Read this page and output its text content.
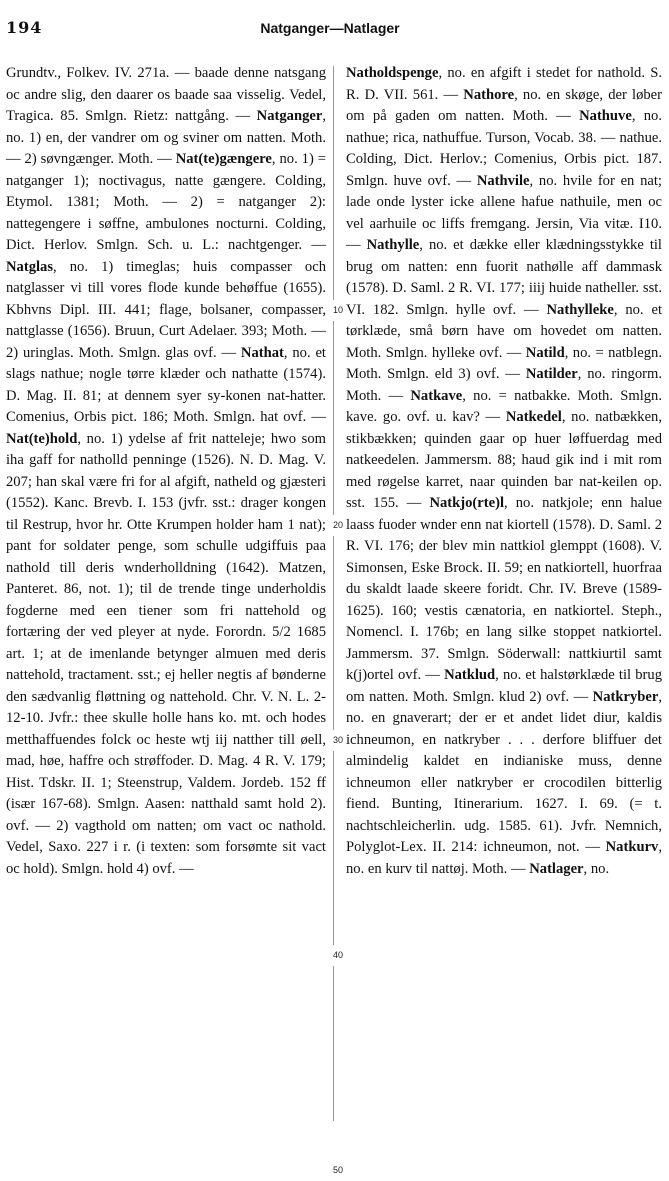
194	Natganger—Natlager

Grundtv., Folkev. IV. 271a. — baade denne natsgang oc andre slig, den daarer os baade saa visselig. Vedel, Tragica. 85. Smlgn. Rietz: nattgång. — Natganger, no. 1) en, der vandrer om og sviner om natten. Moth. — 2) søvngænger. Moth. — Nat(te)gængere, no. 1) = natganger 1); noctivagus, natte gængere. Colding, Etymol. 1381; Moth. — 2) = natganger 2): nattegengere i søffne, ambulones nocturni. Colding, Dict. Herlov. Smlgn. Sch. u. L.: nachtgenger. — Natglas, no. 1) timeglas; huis compasser och natglasser vi till vores flode kunde behøffue (1655). Kbhvns Dipl. III. 441; flage, bolsaner, compasser, nattglasse (1656). Bruun, Curt Adelaer. 393; Moth. — 2) uringlas. Moth. Smlgn. glas ovf. — Nathat, no. et slags nathue; nogle tørre klæder och nathatte (1574). D. Mag. II. 81; at dennem syer sy-konen nat-hatter. Comenius, Orbis pict. 186; Moth. Smlgn. hat ovf. — Nat(te)hold, no. 1) ydelse af frit natteleje; hwo som iha gaff for natholld penninge (1526). N. D. Mag. V. 207; han skal være fri for al afgift, natheld og gjæsteri (1552). Kanc. Brevb. I. 153 (jvfr. sst.: drager kongen til Restrup, hvor hr. Otte Krumpen holder ham 1 nat); pant for soldater penge, som schulle udgiffuis paa nathold till deris wnderholldning (1642). Matzen, Panteret. 86, not. 1); til de trende tinge underholdis fogderne med een tiener som fri nattehold og fortæring der ved pleyer at nyde. Forordn. 5/2 1685 art. 1; at de imenlande betynger almuen med deris nattehold, tractament. sst.; ej heller negtis af bønderne den sædvanlig fløttning og nattehold. Chr. V. N. L. 2-12-10. Jvfr.: thee skulle holle hans ko. mt. och hodes metthaffuendes folck oc heste wtj iij natther till øell, mad, høe, haffre och strøffoder. D. Mag. 4 R. V. 179; Hist. Tdskr. II. 1; Steenstrup, Valdem. Jordeb. 152 ff (især 167-68). Smlgn. Aasen: natthald samt hold 2). ovf. — 2) vagthold om natten; om vact oc nathold. Vedel, Saxo. 227 i r. (i texten: som forsømte sit vact oc hold). Smlgn. hold 4) ovf. —

10
20
30
40
50

Natholdspenge, no. en afgift i stedet for nathold. S. R. D. VII. 561. — Nathore, no. en skøge, der løber om på gaden om natten. Moth. — Nathuve, no. nathue; rica, nathuffue. Turson, Vocab. 38. — nathue. Colding, Dict. Herlov.; Comenius, Orbis pict. 187. Smlgn. huve ovf. — Nathvile, no. hvile for en nat; lade onde lyster icke allene hafue nathuile, men oc vel aarhuile oc liffs fremgang. Jersin, Via vitæ. I10. — Nathylle, no. et dække eller klædningsstykke til brug om natten: enn fuorit nathølle aff dammask (1578). D. Saml. 2 R. VI. 177; iiij huide natheller. sst. VI. 182. Smlgn. hylle ovf. — Nathylleke, no. et tørklæde, små børn have om hovedet om natten. Moth. Smlgn. hylleke ovf. — Natild, no. = natblegn. Moth. Smlgn. eld 3) ovf. — Natilder, no. ringorm. Moth. — Natkave, no. = natbakke. Moth. Smlgn. kave. go. ovf. u. kav? — Natkedel, no. natbækken, stikbækken; quinden gaar op huer løffuerdag med natkeedelen. Jammersm. 88; haud gik ind i mit rom med røgelse karret, naar quinden bar nat-keilen op. sst. 155. — Natkjo(rte)l, no. natkjole; enn halue laass fuoder wnder enn nat kiortell (1578). D. Saml. 2 R. VI. 176; der blev min nattkiol glemppt (1608). V. Simonsen, Eske Brock. II. 59; en natkiortell, huorfraa du skaldt laade skeere foridt. Chr. IV. Breve (1589-1625). 160; vestis cænatoria, en natkiortel. Steph., Nomencl. I. 176b; en lang silke stoppet natkiortel. Jammersm. 37. Smlgn. Söderwall: nattkiurtil samt k(j)ortel ovf. — Natklud, no. et halstørklæde til brug om natten. Moth. Smlgn. klud 2) ovf. — Natkryber, no. en gnaverart; der er et andet lidet diur, kaldis ichneumon, en natkryber . . . derfore bliffuer det almindelig kaldet en indianiske muss, denne ichneumon eller natkryber er crocodilen bitterlig fiend. Bunting, Itinerarium. 1627. I. 69. (= t. nachtschleicherlin. udg. 1585. 61). Jvfr. Nemnich, Polyglot-Lex. II. 214: ichneumon, not. — Natkurv, no. en kurv til nattøj. Moth. — Natlager, no.
